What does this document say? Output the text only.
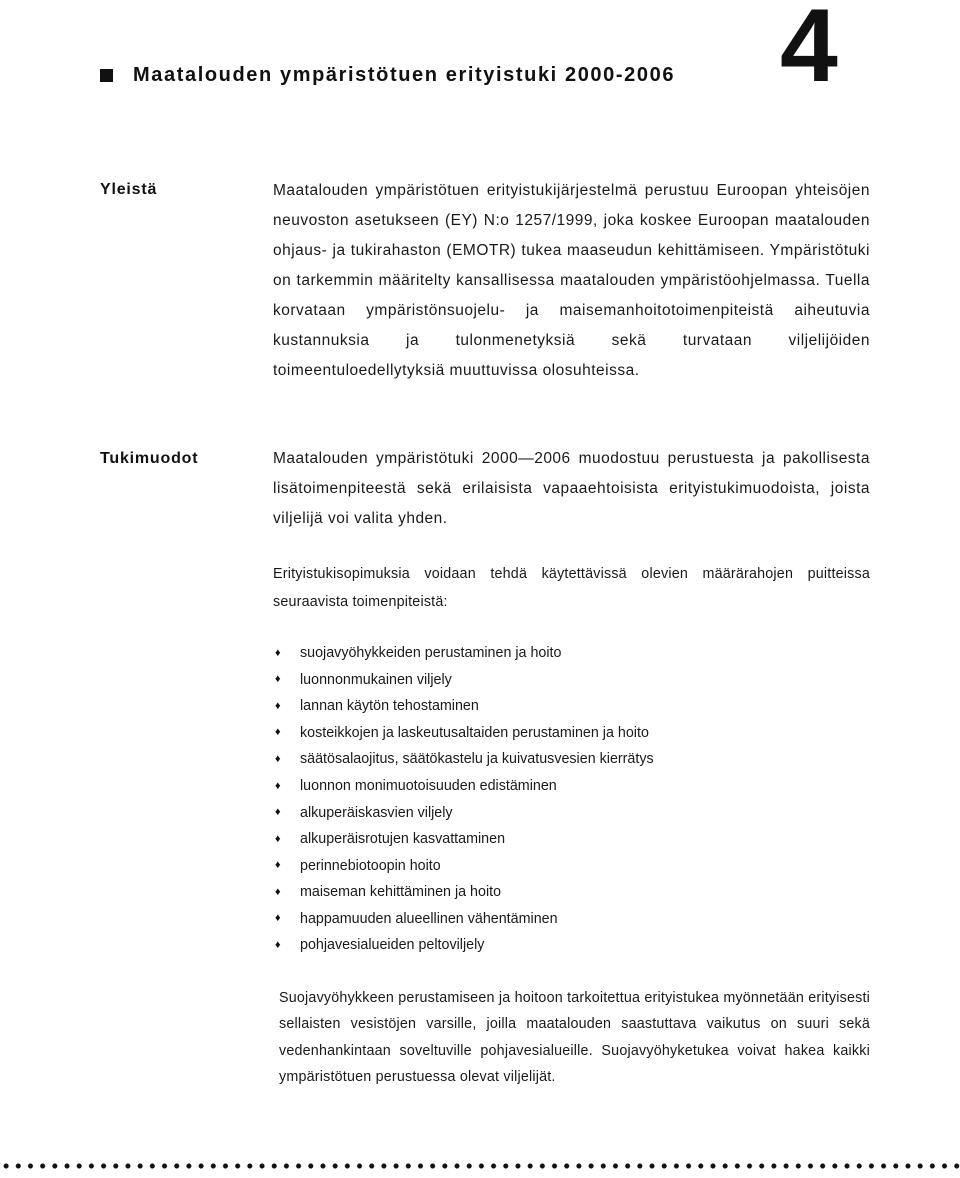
4
Maatalouden ympäristötuen erityistuki 2000-2006
Yleistä	Maatalouden ympäristötuen erityistukijärjestelmä perustuu Euroopan yhteisöjen neuvoston asetukseen (EY) N:o 1257/1999, joka koskee Euroopan maatalouden ohjaus- ja tukirahaston (EMOTR) tukea maaseudun kehittämiseen. Ympäristötuki on tarkemmin määritelty kansallisessa maatalouden ympäristöohjelmassa. Tuella korvataan ympäristönsuojelu- ja maisemanhoitotoimenpiteistä aiheutuvia kustannuksia ja tulonmenetyksiä sekä turvataan viljelijöiden toimeentuloedellytyksiä muuttuvissa olosuhteissa.

Tukimuodot	Maatalouden ympäristötuki 2000—2006 muodostuu perustuesta ja pakollisesta lisätoimenpiteestä sekä erilaisista vapaaehtoisista erityistukimuodoista, joista viljelijä voi valita yhden.

Erityistukisopimuksia voidaan tehdä käytettävissä olevien määrärahojen puitteissa seuraavista toimenpiteistä:

♦	suojavyöhykkeiden perustaminen ja hoito
♦	luonnonmukainen viljely
♦	lannan käytön tehostaminen
♦	kosteikkojen ja laskeutusaltaiden perustaminen ja hoito
♦	säätösalaojitus, säätökastelu ja kuivatusvesien kierrätys
♦	luonnon monimuotoisuuden edistäminen
♦	alkuperäiskasvien viljely
♦	alkuperäisrotujen kasvattaminen
♦	perinnebiotoopin hoito
♦	maiseman kehittäminen ja hoito
♦	happamuuden alueellinen vähentäminen
♦	pohjavesialueiden peltoviljely

Suojavyöhykkeen perustamiseen ja hoitoon tarkoitettua erityistukea myönnetään erityisesti sellaisten vesistöjen varsille, joilla maatalouden saastuttava vaikutus on suuri sekä vedenhankintaan soveltuville pohjavesialueille. Suojavyöhyketukea voivat hakea kaikki ympäristötuen perustuessa olevat viljelijät.
